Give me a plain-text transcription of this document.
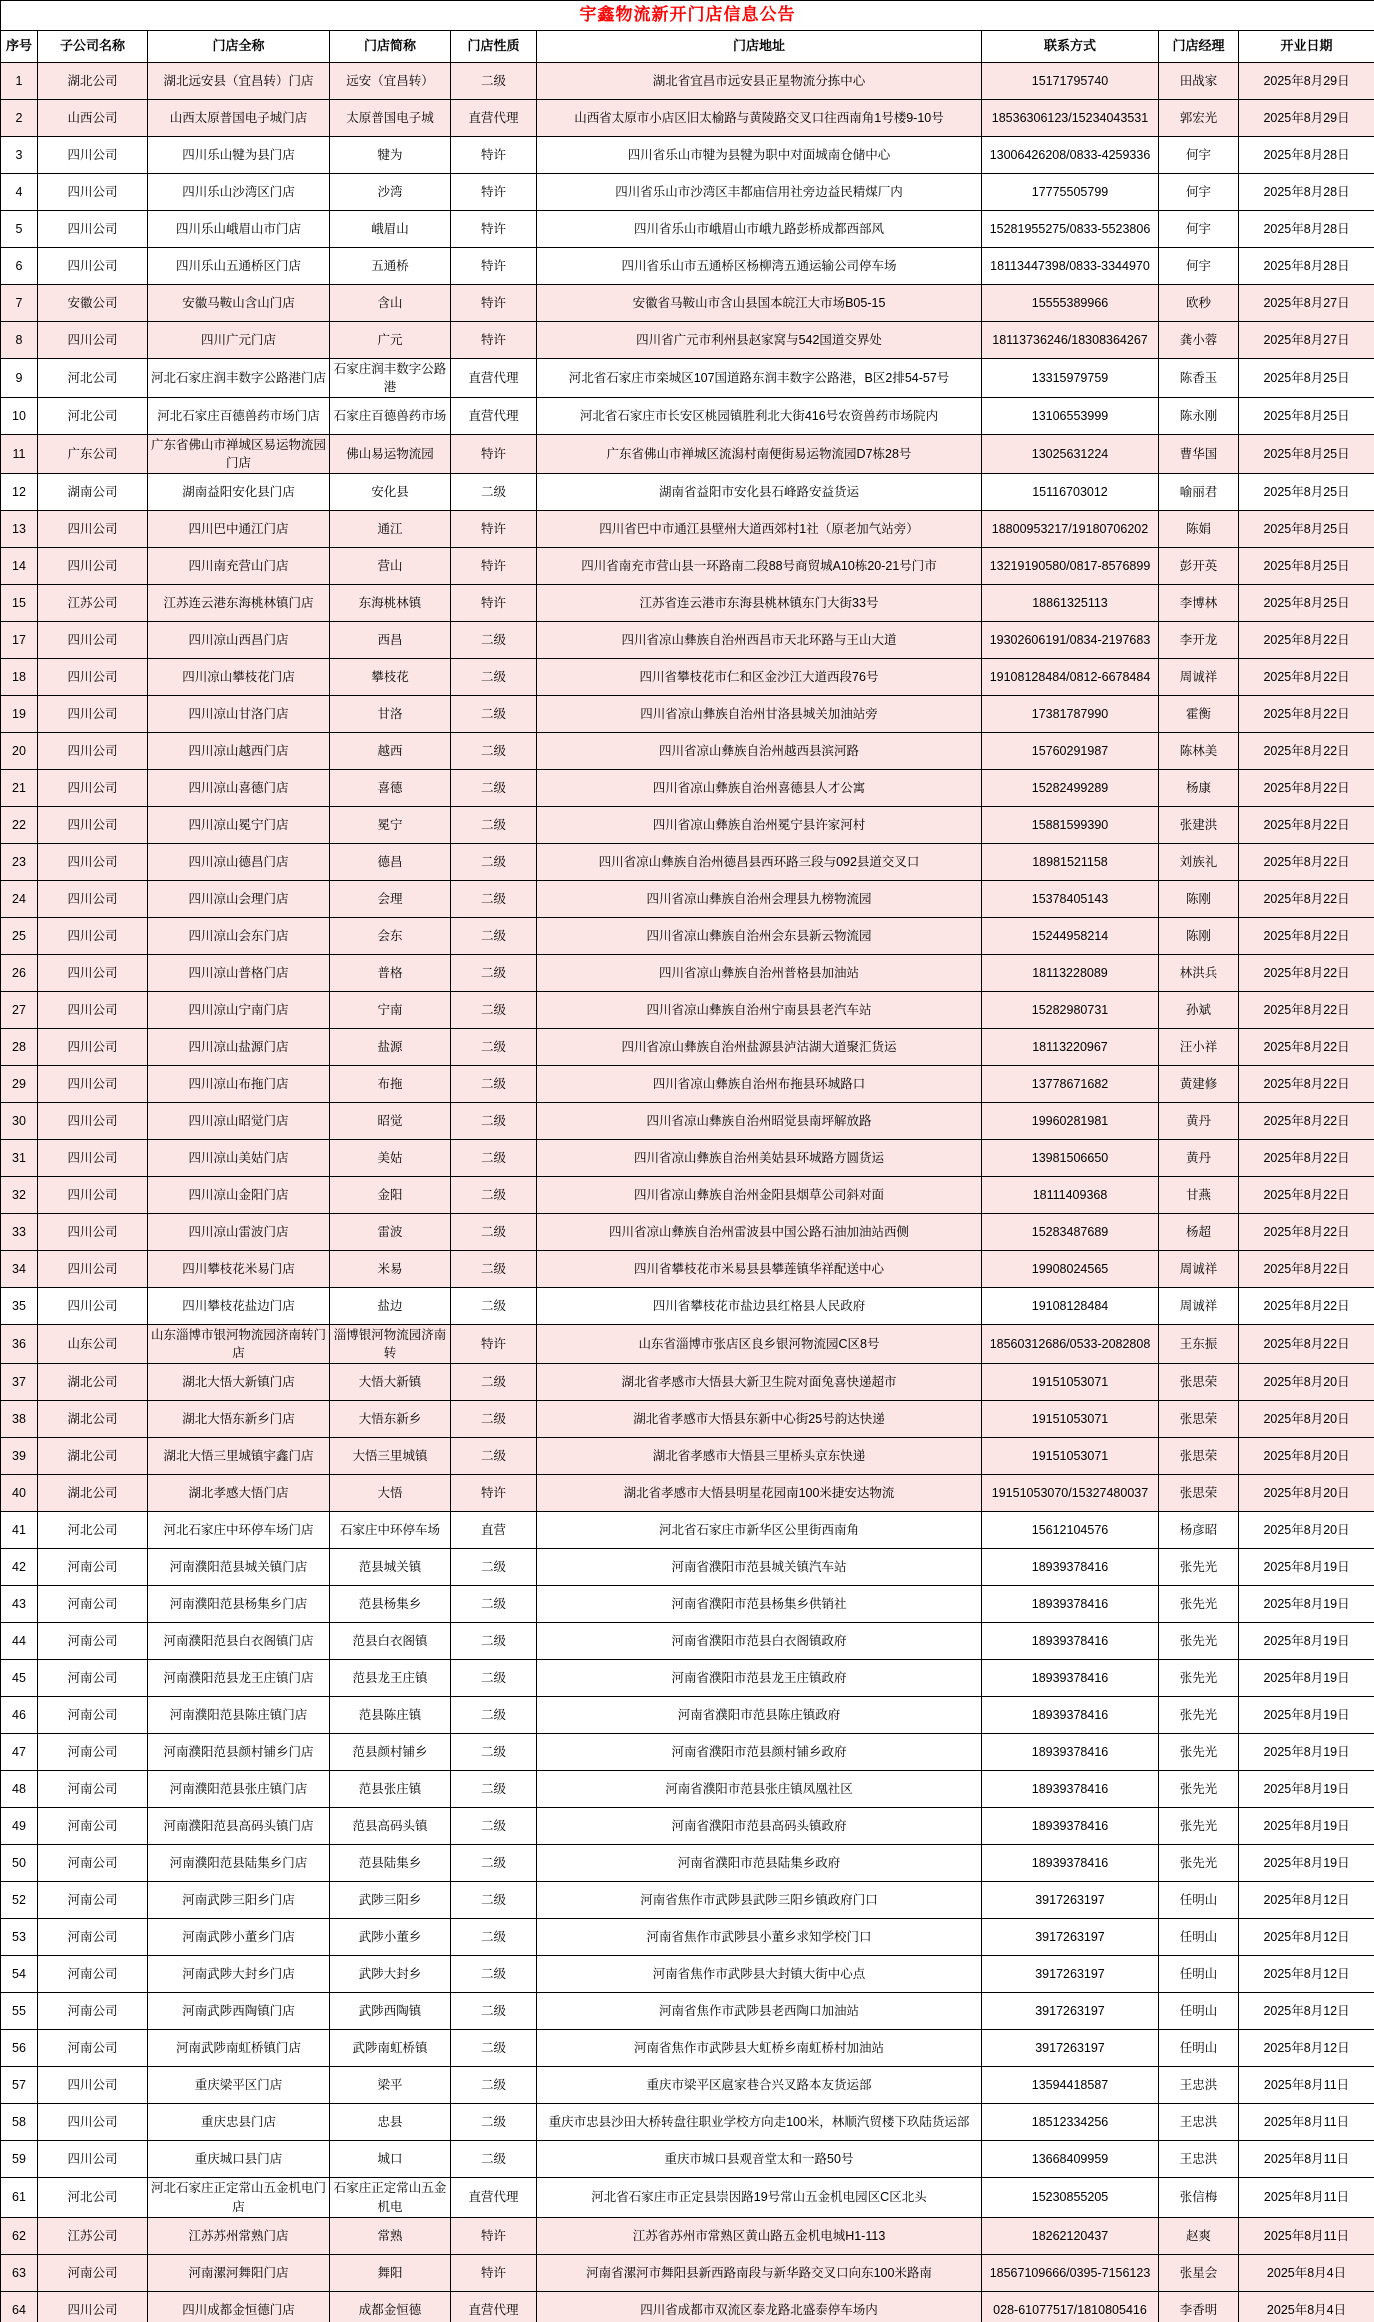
宇鑫物流新开门店信息公告								
序号	子公司名称	门店全称	门店简称	门店性质	门店地址	联系方式	门店经理	开业日期
1	湖北公司	湖北远安县（宜昌转）门店	远安（宜昌转）	二级	湖北省宜昌市远安县正星物流分拣中心	15171795740	田战家	2025年8月29日
2	山西公司	山西太原普国电子城门店	太原普国电子城	直营代理	山西省太原市小店区旧太榆路与黄陵路交叉口往西南角1号楼9-10号	18536306123/15234043531	郭宏光	2025年8月29日
3	四川公司	四川乐山犍为县门店	犍为	特许	四川省乐山市犍为县犍为职中对面城南仓储中心	13006426208/0833-4259336	何宇	2025年8月28日
4	四川公司	四川乐山沙湾区门店	沙湾	特许	四川省乐山市沙湾区丰都庙信用社旁边益民精煤厂内	17775505799	何宇	2025年8月28日
5	四川公司	四川乐山峨眉山市门店	峨眉山	特许	四川省乐山市峨眉山市峨九路彭桥成都西部风	15281955275/0833-5523806	何宇	2025年8月28日
6	四川公司	四川乐山五通桥区门店	五通桥	特许	四川省乐山市五通桥区杨柳湾五通运输公司停车场	18113447398/0833-3344970	何宇	2025年8月28日
7	安徽公司	安徽马鞍山含山门店	含山	特许	安徽省马鞍山市含山县国本皖江大市场B05-15	15555389966	欧秒	2025年8月27日
8	四川公司	四川广元门店	广元	特许	四川省广元市利州县赵家窝与542国道交界处	18113736246/18308364267	龚小蓉	2025年8月27日
9	河北公司	河北石家庄润丰数字公路港门店	石家庄润丰数字公路港	直营代理	河北省石家庄市栾城区107国道路东润丰数字公路港，B区2排54-57号	13315979759	陈香玉	2025年8月25日
10	河北公司	河北石家庄百德兽药市场门店	石家庄百德兽药市场	直营代理	河北省石家庄市长安区桃园镇胜利北大街416号农资兽药市场院内	13106553999	陈永刚	2025年8月25日
11	广东公司	广东省佛山市禅城区易运物流园门店	佛山易运物流园	特许	广东省佛山市禅城区流潟村南便街易运物流园D7栋28号	13025631224	曹华国	2025年8月25日
12	湖南公司	湖南益阳安化县门店	安化县	二级	湖南省益阳市安化县石峰路安益货运	15116703012	喻丽君	2025年8月25日
13	四川公司	四川巴中通江门店	通江	特许	四川省巴中市通江县壁州大道西郊村1社（原老加气站旁）	18800953217/19180706202	陈娟	2025年8月25日
14	四川公司	四川南充营山门店	营山	特许	四川省南充市营山县一环路南二段88号商贸城A10栋20-21号门市	13219190580/0817-8576899	彭开英	2025年8月25日
15	江苏公司	江苏连云港东海桃林镇门店	东海桃林镇	特许	江苏省连云港市东海县桃林镇东门大街33号	18861325113	李博林	2025年8月25日
17	四川公司	四川凉山西昌门店	西昌	二级	四川省凉山彝族自治州西昌市天北环路与王山大道	19302606191/0834-2197683	李开龙	2025年8月22日
18	四川公司	四川凉山攀枝花门店	攀枝花	二级	四川省攀枝花市仁和区金沙江大道西段76号	19108128484/0812-6678484	周诚祥	2025年8月22日
19	四川公司	四川凉山甘洛门店	甘洛	二级	四川省凉山彝族自治州甘洛县城关加油站旁	17381787990	霍衡	2025年8月22日
20	四川公司	四川凉山越西门店	越西	二级	四川省凉山彝族自治州越西县滨河路	15760291987	陈林美	2025年8月22日
21	四川公司	四川凉山喜德门店	喜德	二级	四川省凉山彝族自治州喜德县人才公寓	15282499289	杨康	2025年8月22日
22	四川公司	四川凉山冕宁门店	冕宁	二级	四川省凉山彝族自治州冕宁县许家河村	15881599390	张建洪	2025年8月22日
23	四川公司	四川凉山德昌门店	德昌	二级	四川省凉山彝族自治州德昌县西环路三段与092县道交叉口	18981521158	刘族礼	2025年8月22日
24	四川公司	四川凉山会理门店	会理	二级	四川省凉山彝族自治州会理县九榜物流园	15378405143	陈刚	2025年8月22日
25	四川公司	四川凉山会东门店	会东	二级	四川省凉山彝族自治州会东县新云物流园	15244958214	陈刚	2025年8月22日
26	四川公司	四川凉山普格门店	普格	二级	四川省凉山彝族自治州普格县加油站	18113228089	林洪兵	2025年8月22日
27	四川公司	四川凉山宁南门店	宁南	二级	四川省凉山彝族自治州宁南县县老汽车站	15282980731	孙斌	2025年8月22日
28	四川公司	四川凉山盐源门店	盐源	二级	四川省凉山彝族自治州盐源县泸沽湖大道聚汇货运	18113220967	汪小祥	2025年8月22日
29	四川公司	四川凉山布拖门店	布拖	二级	四川省凉山彝族自治州布拖县环城路口	13778671682	黄建修	2025年8月22日
30	四川公司	四川凉山昭觉门店	昭觉	二级	四川省凉山彝族自治州昭觉县南坪解放路	19960281981	黄丹	2025年8月22日
31	四川公司	四川凉山美姑门店	美姑	二级	四川省凉山彝族自治州美姑县环城路方圆货运	13981506650	黄丹	2025年8月22日
32	四川公司	四川凉山金阳门店	金阳	二级	四川省凉山彝族自治州金阳县烟草公司斜对面	18111409368	甘燕	2025年8月22日
33	四川公司	四川凉山雷波门店	雷波	二级	四川省凉山彝族自治州雷波县中国公路石油加油站西侧	15283487689	杨超	2025年8月22日
34	四川公司	四川攀枝花米易门店	米易	二级	四川省攀枝花市米易县县攀莲镇华祥配送中心	19908024565	周诚祥	2025年8月22日
35	四川公司	四川攀枝花盐边门店	盐边	二级	四川省攀枝花市盐边县红格县人民政府	19108128484	周诚祥	2025年8月22日
36	山东公司	山东淄博市银河物流园济南转门店	淄博银河物流园济南转	特许	山东省淄博市张店区良乡银河物流园C区8号	18560312686/0533-2082808	王东振	2025年8月22日
37	湖北公司	湖北大悟大新镇门店	大悟大新镇	二级	湖北省孝感市大悟县大新卫生院对面兔喜快递超市	19151053071	张思荣	2025年8月20日
38	湖北公司	湖北大悟东新乡门店	大悟东新乡	二级	湖北省孝感市大悟县东新中心街25号韵达快递	19151053071	张思荣	2025年8月20日
39	湖北公司	湖北大悟三里城镇宇鑫门店	大悟三里城镇	二级	湖北省孝感市大悟县三里桥头京东快递	19151053071	张思荣	2025年8月20日
40	湖北公司	湖北孝感大悟门店	大悟	特许	湖北省孝感市大悟县明星花园南100米捷安达物流	19151053070/15327480037	张思荣	2025年8月20日
41	河北公司	河北石家庄中环停车场门店	石家庄中环停车场	直营	河北省石家庄市新华区公里街西南角	15612104576	杨彦昭	2025年8月20日
42	河南公司	河南濮阳范县城关镇门店	范县城关镇	二级	河南省濮阳市范县城关镇汽车站	18939378416	张先光	2025年8月19日
43	河南公司	河南濮阳范县杨集乡门店	范县杨集乡	二级	河南省濮阳市范县杨集乡供销社	18939378416	张先光	2025年8月19日
44	河南公司	河南濮阳范县白衣阁镇门店	范县白衣阁镇	二级	河南省濮阳市范县白衣阁镇政府	18939378416	张先光	2025年8月19日
45	河南公司	河南濮阳范县龙王庄镇门店	范县龙王庄镇	二级	河南省濮阳市范县龙王庄镇政府	18939378416	张先光	2025年8月19日
46	河南公司	河南濮阳范县陈庄镇门店	范县陈庄镇	二级	河南省濮阳市范县陈庄镇政府	18939378416	张先光	2025年8月19日
47	河南公司	河南濮阳范县颜村铺乡门店	范县颜村铺乡	二级	河南省濮阳市范县颜村铺乡政府	18939378416	张先光	2025年8月19日
48	河南公司	河南濮阳范县张庄镇门店	范县张庄镇	二级	河南省濮阳市范县张庄镇凤凰社区	18939378416	张先光	2025年8月19日
49	河南公司	河南濮阳范县高码头镇门店	范县高码头镇	二级	河南省濮阳市范县高码头镇政府	18939378416	张先光	2025年8月19日
50	河南公司	河南濮阳范县陆集乡门店	范县陆集乡	二级	河南省濮阳市范县陆集乡政府	18939378416	张先光	2025年8月19日
52	河南公司	河南武陟三阳乡门店	武陟三阳乡	二级	河南省焦作市武陟县武陟三阳乡镇政府门口	3917263197	任明山	2025年8月12日
53	河南公司	河南武陟小董乡门店	武陟小董乡	二级	河南省焦作市武陟县小董乡求知学校门口	3917263197	任明山	2025年8月12日
54	河南公司	河南武陟大封乡门店	武陟大封乡	二级	河南省焦作市武陟县大封镇大街中心点	3917263197	任明山	2025年8月12日
55	河南公司	河南武陟西陶镇门店	武陟西陶镇	二级	河南省焦作市武陟县老西陶口加油站	3917263197	任明山	2025年8月12日
56	河南公司	河南武陟南虹桥镇门店	武陟南虹桥镇	二级	河南省焦作市武陟县大虹桥乡南虹桥村加油站	3917263197	任明山	2025年8月12日
57	四川公司	重庆梁平区门店	梁平	二级	重庆市梁平区扈家巷合兴叉路本友货运部	13594418587	王忠洪	2025年8月11日
58	四川公司	重庆忠县门店	忠县	二级	重庆市忠县沙田大桥转盘往职业学校方向走100米，林顺汽贸楼下玖陆货运部	18512334256	王忠洪	2025年8月11日
59	四川公司	重庆城口县门店	城口	二级	重庆市城口县观音堂太和一路50号	13668409959	王忠洪	2025年8月11日
61	河北公司	河北石家庄正定常山五金机电门店	石家庄正定常山五金机电	直营代理	河北省石家庄市正定县崇因路19号常山五金机电园区C区北头	15230855205	张信梅	2025年8月11日
62	江苏公司	江苏苏州常熟门店	常熟	特许	江苏省苏州市常熟区黄山路五金机电城H1-113	18262120437	赵爽	2025年8月11日
63	河南公司	河南漯河舞阳门店	舞阳	特许	河南省漯河市舞阳县新西路南段与新华路交叉口向东100米路南	18567109666/0395-7156123	张星会	2025年8月4日
64	四川公司	四川成都金恒德门店	成都金恒德	直营代理	四川省成都市双流区泰龙路北盛泰停车场内	028-61077517/1810805416	李香明	2025年8月4日
